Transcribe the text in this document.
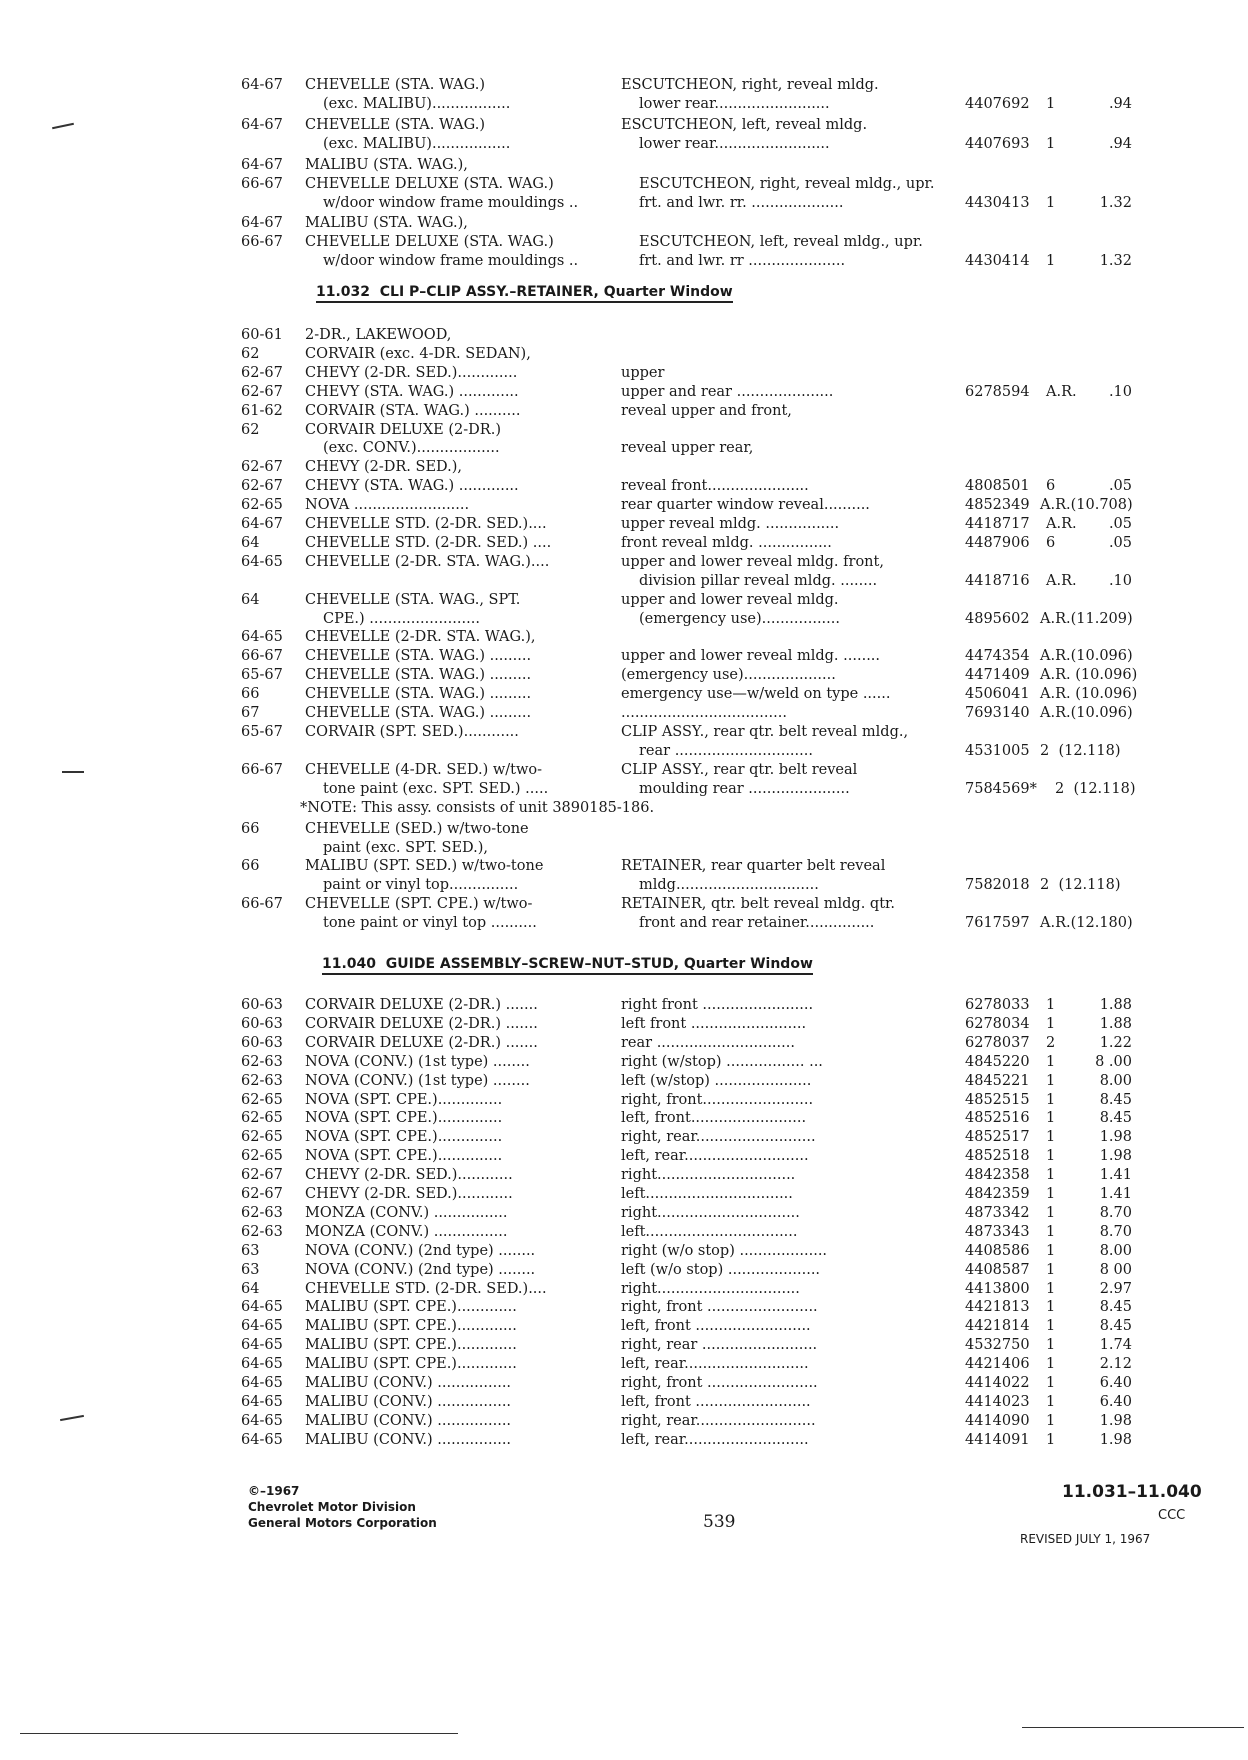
64-67 CHEVELLE (STA. WAG.)	ESCUTCHEON, right, reveal mldg.
(exc. MALIBU).................	lower rear.........................	4407692 1	.94
64-67 CHEVELLE (STA. WAG.)	ESCUTCHEON, left, reveal mldg.
(exc. MALIBU).................	lower rear.........................	4407693 1	.94
64-67 MALIBU (STA. WAG.),
66-67 CHEVELLE DELUXE (STA. WAG.)	ESCUTCHEON, right, reveal mldg., upr.
w/door window frame mouldings ..	frt. and lwr. rr. ....................	4430413 1	1.32
64-67 MALIBU (STA. WAG.),
66-67 CHEVELLE DELUXE (STA. WAG.)	ESCUTCHEON, left, reveal mldg., upr.
w/door window frame mouldings ..	frt. and lwr. rr .....................	4430414 1	1.32
11.032  CLI P–CLIP ASSY.–RETAINER, Quarter Window
60-61 2-DR., LAKEWOOD,
62	CORVAIR (exc. 4-DR. SEDAN),
62-67 CHEVY (2-DR. SED.).............	upper
62-67 CHEVY (STA. WAG.) .............	upper and rear .....................	6278594 A.R.	.10
61-62 CORVAIR (STA. WAG.) ..........	reveal upper and front,
62	CORVAIR DELUXE (2-DR.)
(exc. CONV.)..................	reveal upper rear,
62-67 CHEVY (2-DR. SED.),
62-67 CHEVY (STA. WAG.) .............	reveal front......................	4808501 6	.05
62-65 NOVA .........................	rear quarter window reveal..........	4852349 A.R.(10.708)
64-67 CHEVELLE STD. (2-DR. SED.)....	upper reveal mldg. ................	4418717 A.R.	.05
64	CHEVELLE STD. (2-DR. SED.) ....	front reveal mldg. ................	4487906 6	.05
64-65 CHEVELLE (2-DR. STA. WAG.)....	upper and lower reveal mldg. front,
division pillar reveal mldg. ........	4418716 A.R.	.10
64	CHEVELLE (STA. WAG., SPT.	upper and lower reveal mldg.
CPE.) ........................	(emergency use).................	4895602 A.R.(11.209)
64-65 CHEVELLE (2-DR. STA. WAG.),
66-67 CHEVELLE (STA. WAG.) .........	upper and lower reveal mldg. ........	4474354 A.R.(10.096)
65-67 CHEVELLE (STA. WAG.) .........	(emergency use)....................	4471409 A.R. (10.096)
66	CHEVELLE (STA. WAG.) .........	emergency use—w/weld on type ......	4506041 A.R. (10.096)
67	CHEVELLE (STA. WAG.) .........	....................................	7693140 A.R.(10.096)
65-67 CORVAIR (SPT. SED.)............	CLIP ASSY., rear qtr. belt reveal mldg.,
rear ..............................	4531005 2  (12.118)
66-67 CHEVELLE (4-DR. SED.) w/two-	CLIP ASSY., rear qtr. belt reveal
tone paint (exc. SPT. SED.) .....	moulding rear ......................	7584569* 2  (12.118)
*NOTE: This assy. consists of unit 3890185-186.
66	CHEVELLE (SED.) w/two-tone
paint (exc. SPT. SED.),
66	MALIBU (SPT. SED.) w/two-tone	RETAINER, rear quarter belt reveal
paint or vinyl top...............	mldg...............................	7582018 2  (12.118)
66-67 CHEVELLE (SPT. CPE.) w/two-	RETAINER, qtr. belt reveal mldg. qtr.
tone paint or vinyl top ..........	front and rear retainer...............	7617597 A.R.(12.180)
11.040  GUIDE ASSEMBLY–SCREW–NUT–STUD, Quarter Window
60-63 CORVAIR DELUXE (2-DR.) .......	right front ........................	6278033 1	1.88
60-63 CORVAIR DELUXE (2-DR.) .......	left front .........................	6278034 1	1.88
60-63 CORVAIR DELUXE (2-DR.) .......	rear ..............................	6278037 2	1.22
62-63 NOVA (CONV.) (1st type) ........	right (w/stop) ................. ...	4845220 1	8 .00
62-63 NOVA (CONV.) (1st type) ........	left (w/stop) .....................	4845221 1	8.00
62-65 NOVA (SPT. CPE.)..............	right, front........................	4852515 1	8.45
62-65 NOVA (SPT. CPE.)..............	left, front.........................	4852516 1	8.45
62-65 NOVA (SPT. CPE.)..............	right, rear..........................	4852517 1	1.98
62-65 NOVA (SPT. CPE.)..............	left, rear...........................	4852518 1	1.98
62-67 CHEVY (2-DR. SED.)............	right..............................	4842358 1	1.41
62-67 CHEVY (2-DR. SED.)............	left................................	4842359 1	1.41
62-63 MONZA (CONV.) ................	right...............................	4873342 1	8.70
62-63 MONZA (CONV.) ................	left.................................	4873343 1	8.70
63	NOVA (CONV.) (2nd type) ........	right (w/o stop) ...................	4408586 1	8.00
63	NOVA (CONV.) (2nd type) ........	left (w/o stop) ....................	4408587 1	8 00
64	CHEVELLE STD. (2-DR. SED.)....	right...............................	4413800 1	2.97
64-65 MALIBU (SPT. CPE.).............	right, front ........................	4421813 1	8.45
64-65 MALIBU (SPT. CPE.).............	left, front .........................	4421814 1	8.45
64-65 MALIBU (SPT. CPE.).............	right, rear .........................	4532750 1	1.74
64-65 MALIBU (SPT. CPE.).............	left, rear...........................	4421406 1	2.12
64-65 MALIBU (CONV.) ................	right, front ........................	4414022 1	6.40
64-65 MALIBU (CONV.) ................	left, front .........................	4414023 1	6.40
64-65 MALIBU (CONV.) ................	right, rear..........................	4414090 1	1.98
64-65 MALIBU (CONV.) ................	left, rear...........................	4414091 1	1.98
©–1967
Chevrolet Motor Division
General Motors Corporation	539
11.031–11.040
CCC
REVISED JULY 1, 1967
